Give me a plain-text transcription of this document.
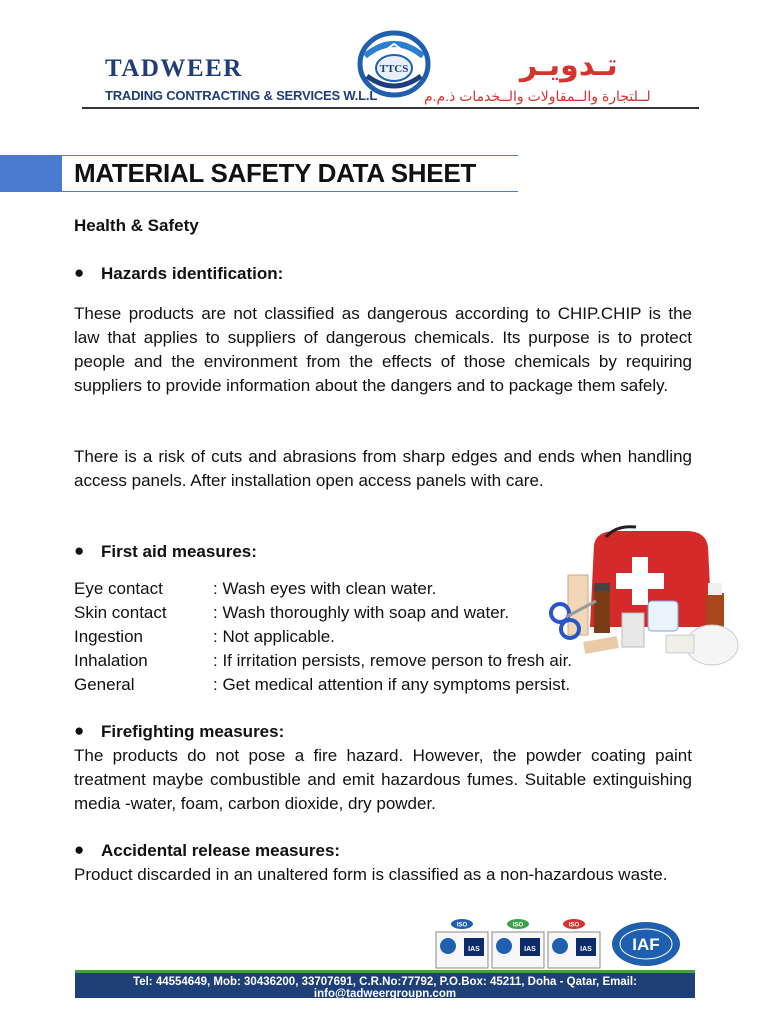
TADWEER
TRADING CONTRACTING & SERVICES W.L.L
TTCS	تـدويـر
لــلتجارة والــمقاولات والــخدمات ذ.م.م
MATERIAL SAFETY DATA SHEET
Health & Safety
● Hazards identification:
These products are not classified as dangerous according to CHIP.CHIP is the law that applies to suppliers of dangerous chemicals. Its purpose is to protect people and the environment from the effects of those chemicals by requiring suppliers to provide information about the dangers and to package them safely.
There is a risk of cuts and abrasions from sharp edges and ends when handling access panels. After installation open access panels with care.
● First aid measures:
Eye contact	: Wash eyes with clean water.
Skin contact	: Wash thoroughly with soap and water.
Ingestion	: Not applicable.
Inhalation	: If irritation persists, remove person to fresh air.
General	: Get medical attention if any symptoms persist.
● Firefighting measures:
The products do not pose a fire hazard. However, the powder coating paint treatment maybe combustible and emit hazardous fumes. Suitable extinguishing media -water, foam, carbon dioxide, dry powder.
● Accidental release measures:
Product discarded in an unaltered form is classified as a non-hazardous waste.
ISO
IAS
ISO
IAS
ISO
IAS IAF
Tel: 44554649, Mob: 30436200, 33707691, C.R.No:77792, P.O.Box: 45211, Doha - Qatar, Email: info@tadweergroupn.com
